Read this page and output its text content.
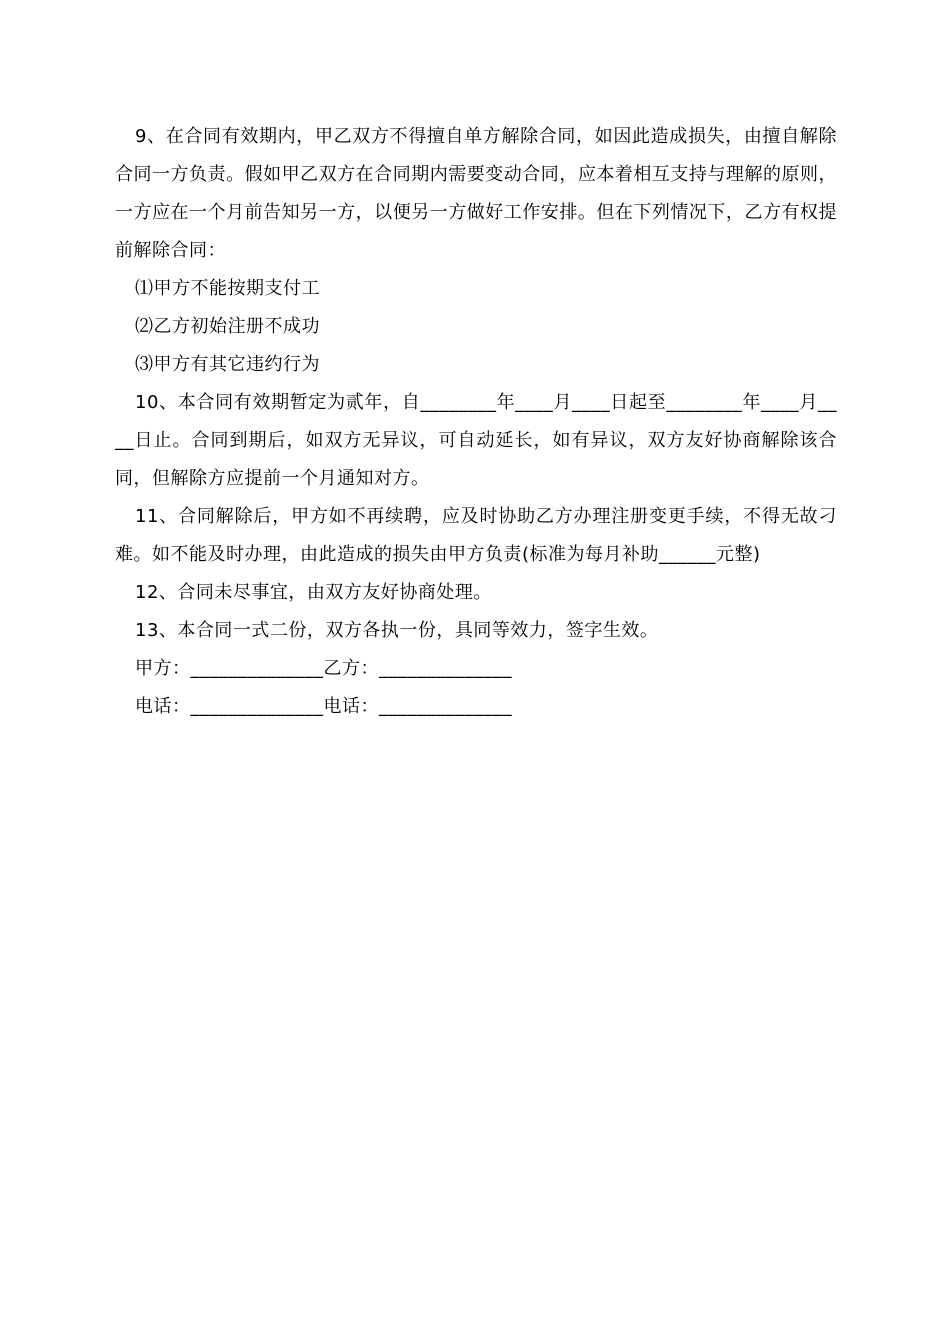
9、在合同有效期内，甲乙双方不得擅自单方解除合同，如因此造成损失，由擅自解除合同一方负责。假如甲乙双方在合同期内需要变动合同，应本着相互支持与理解的原则，一方应在一个月前告知另一方，以便另一方做好工作安排。但在下列情况下，乙方有权提前解除合同：

⑴甲方不能按期支付工

⑵乙方初始注册不成功

⑶甲方有其它违约行为

10、本合同有效期暂定为贰年，自________年____月____日起至________年____月____日止。合同到期后，如双方无异议，可自动延长，如有异议，双方友好协商解除该合同，但解除方应提前一个月通知对方。

11、合同解除后，甲方如不再续聘，应及时协助乙方办理注册变更手续，不得无故刁难。如不能及时办理，由此造成的损失由甲方负责(标准为每月补助______元整)

12、合同未尽事宜，由双方友好协商处理。

13、本合同一式二份，双方各执一份，具同等效力，签字生效。

甲方：______________乙方：______________

电话：______________电话：______________
